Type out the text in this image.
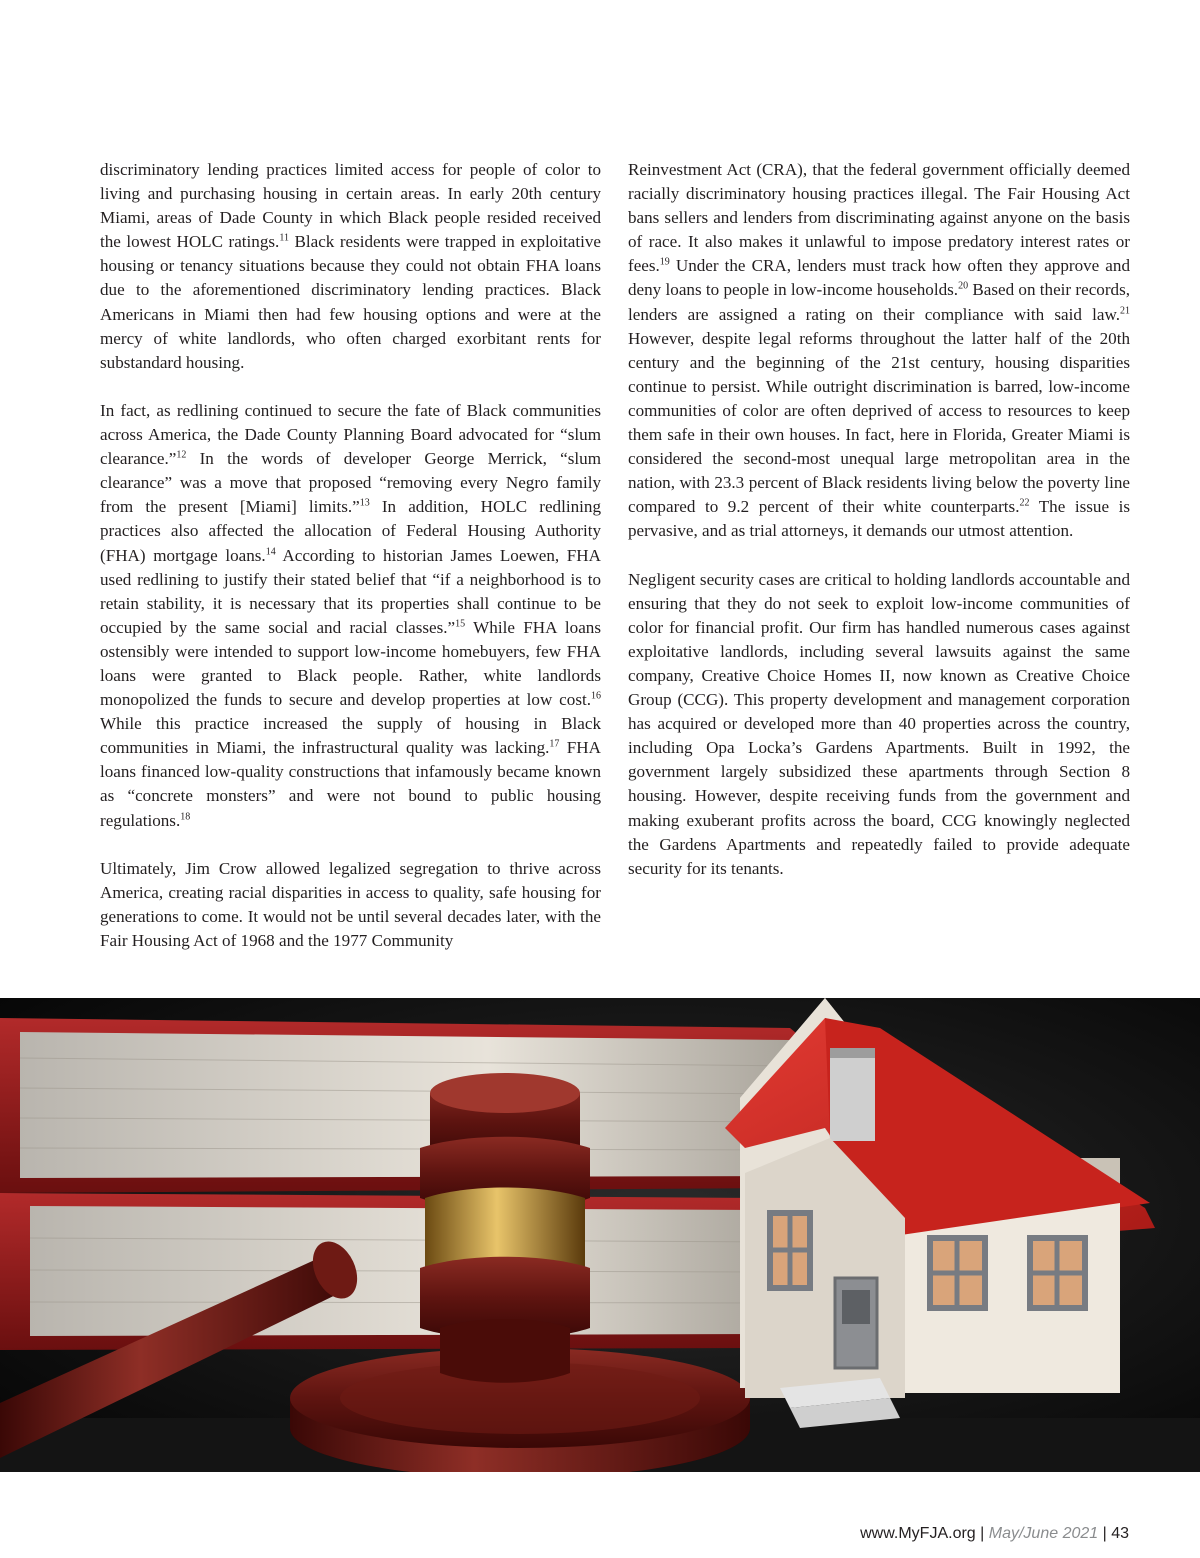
discriminatory lending practices limited access for people of color to living and purchasing housing in certain areas. In early 20th century Miami, areas of Dade County in which Black people resided received the lowest HOLC ratings.$^{11}$ Black residents were trapped in exploitative housing or tenancy situations because they could not obtain FHA loans due to the aforementioned discriminatory lending practices. Black Americans in Miami then had few housing options and were at the mercy of white landlords, who often charged exorbitant rents for substandard housing.

In fact, as redlining continued to secure the fate of Black communities across America, the Dade County Planning Board advocated for “slum clearance.”$^{12}$ In the words of developer George Merrick, “slum clearance” was a move that proposed “removing every Negro family from the present [Miami] limits.”$^{13}$ In addition, HOLC redlining practices also affected the allocation of Federal Housing Authority (FHA) mortgage loans.$^{14}$ According to historian James Loewen, FHA used redlining to justify their stated belief that “if a neighborhood is to retain stability, it is necessary that its properties shall continue to be occupied by the same social and racial classes.”$^{15}$ While FHA loans ostensibly were intended to support low-income homebuyers, few FHA loans were granted to Black people. Rather, white landlords monopolized the funds to secure and develop properties at low cost.$^{16}$ While this practice increased the supply of housing in Black communities in Miami, the infrastructural quality was lacking.$^{17}$ FHA loans financed low-quality constructions that infamously became known as “concrete monsters” and were not bound to public housing regulations.$^{18}$

Ultimately, Jim Crow allowed legalized segregation to thrive across America, creating racial disparities in access to quality, safe housing for generations to come. It would not be until several decades later, with the Fair Housing Act of 1968 and the 1977 Community

Reinvestment Act (CRA), that the federal government officially deemed racially discriminatory housing practices illegal. The Fair Housing Act bans sellers and lenders from discriminating against anyone on the basis of race. It also makes it unlawful to impose predatory interest rates or fees.$^{19}$ Under the CRA, lenders must track how often they approve and deny loans to people in low-income households.$^{20}$ Based on their records, lenders are assigned a rating on their compliance with said law.$^{21}$ However, despite legal reforms throughout the latter half of the 20th century and the beginning of the 21st century, housing disparities continue to persist. While outright discrimination is barred, low-income communities of color are often deprived of access to resources to keep them safe in their own houses. In fact, here in Florida, Greater Miami is considered the second-most unequal large metropolitan area in the nation, with 23.3 percent of Black residents living below the poverty line compared to 9.2 percent of their white counterparts.$^{22}$ The issue is pervasive, and as trial attorneys, it demands our utmost attention.

Negligent security cases are critical to holding landlords accountable and ensuring that they do not seek to exploit low-income communities of color for financial profit. Our firm has handled numerous cases against exploitative landlords, including several lawsuits against the same company, Creative Choice Homes II, now known as Creative Choice Group (CCG). This property development and management corporation has acquired or developed more than 40 properties across the country, including Opa Locka’s Gardens Apartments. Built in 1992, the government largely subsidized these apartments through Section 8 housing. However, despite receiving funds from the government and making exuberant profits across the board, CCG knowingly neglected the Gardens Apartments and repeatedly failed to provide adequate security for its tenants.

www.MyFJA.org | May/June 2021 | 43
